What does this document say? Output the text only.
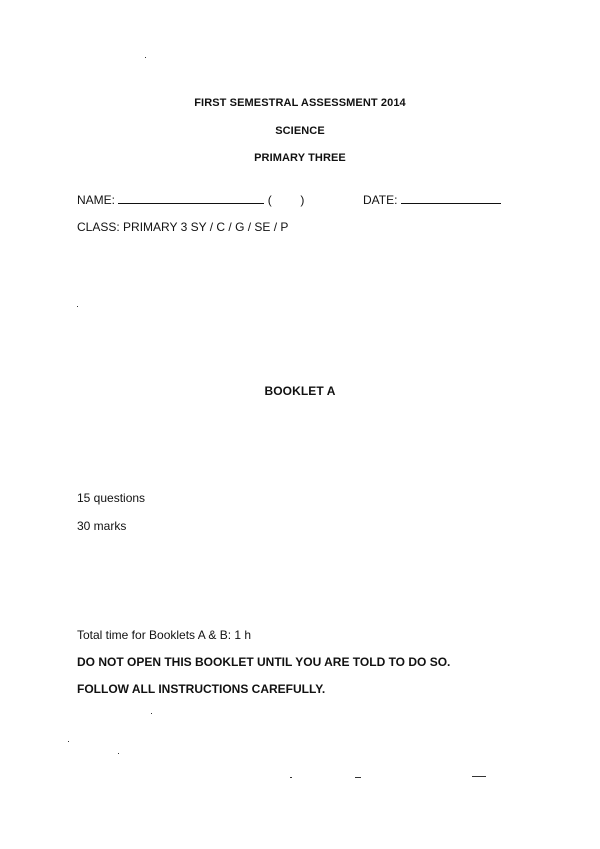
FIRST SEMESTRAL ASSESSMENT 2014
SCIENCE
PRIMARY THREE
NAME:	( )	DATE:
CLASS: PRIMARY 3 SY / C / G / SE / P
BOOKLET A
15 questions
30 marks
Total time for Booklets A & B: 1 h
DO NOT OPEN THIS BOOKLET UNTIL YOU ARE TOLD TO DO SO.
FOLLOW ALL INSTRUCTIONS CAREFULLY.
